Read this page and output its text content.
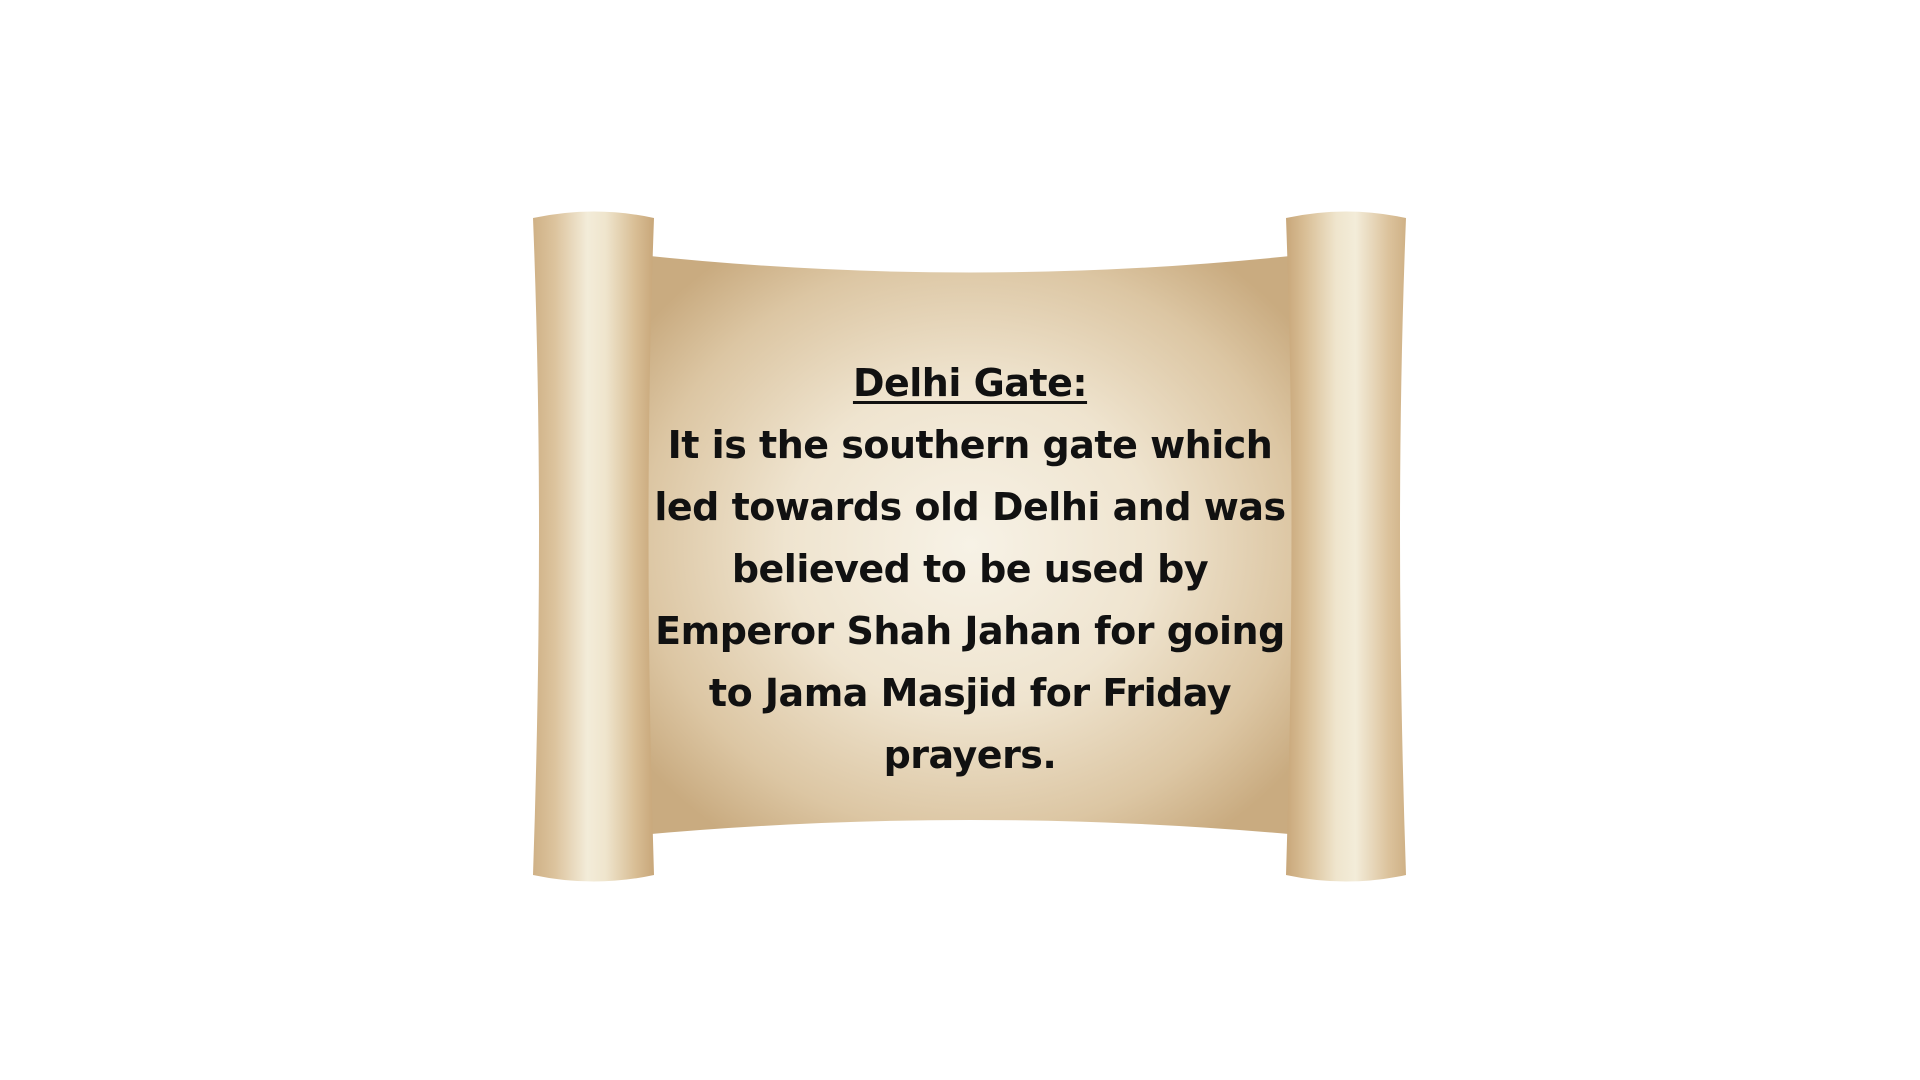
Delhi Gate:
It is the southern gate which led towards old Delhi and was believed to be used by Emperor Shah Jahan for going to Jama Masjid for Friday prayers.
